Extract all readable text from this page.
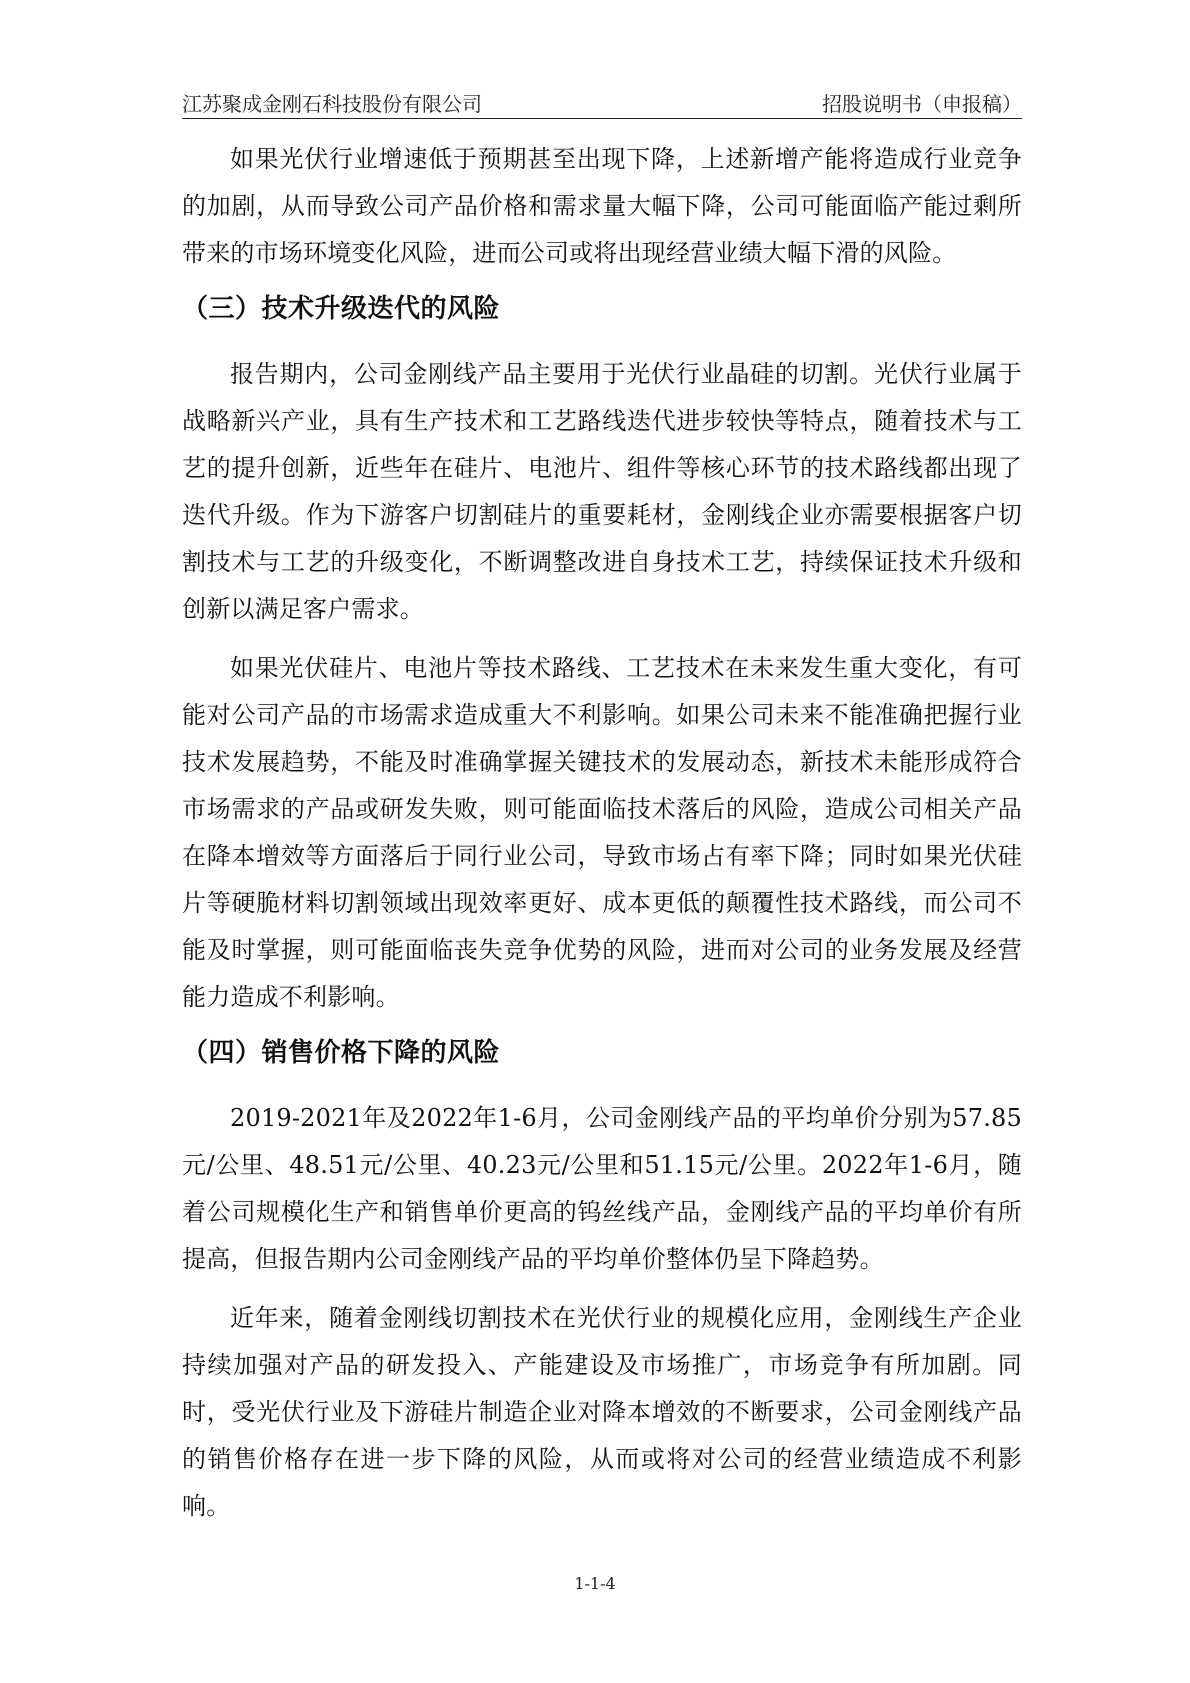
江苏聚成金刚石科技股份有限公司	招股说明书（申报稿）

如果光伏行业增速低于预期甚至出现下降，上述新增产能将造成行业竞争的加剧，从而导致公司产品价格和需求量大幅下降，公司可能面临产能过剩所带来的市场环境变化风险，进而公司或将出现经营业绩大幅下滑的风险。

（三）技术升级迭代的风险

报告期内，公司金刚线产品主要用于光伏行业晶硅的切割。光伏行业属于战略新兴产业，具有生产技术和工艺路线迭代进步较快等特点，随着技术与工艺的提升创新，近些年在硅片、电池片、组件等核心环节的技术路线都出现了迭代升级。作为下游客户切割硅片的重要耗材，金刚线企业亦需要根据客户切割技术与工艺的升级变化，不断调整改进自身技术工艺，持续保证技术升级和创新以满足客户需求。

如果光伏硅片、电池片等技术路线、工艺技术在未来发生重大变化，有可能对公司产品的市场需求造成重大不利影响。如果公司未来不能准确把握行业技术发展趋势，不能及时准确掌握关键技术的发展动态，新技术未能形成符合市场需求的产品或研发失败，则可能面临技术落后的风险，造成公司相关产品在降本增效等方面落后于同行业公司，导致市场占有率下降；同时如果光伏硅片等硬脆材料切割领域出现效率更好、成本更低的颠覆性技术路线，而公司不能及时掌握，则可能面临丧失竞争优势的风险，进而对公司的业务发展及经营能力造成不利影响。

（四）销售价格下降的风险

2019-2021年及2022年1-6月，公司金刚线产品的平均单价分别为57.85元/公里、48.51元/公里、40.23元/公里和51.15元/公里。2022年1-6月，随着公司规模化生产和销售单价更高的钨丝线产品，金刚线产品的平均单价有所提高，但报告期内公司金刚线产品的平均单价整体仍呈下降趋势。

近年来，随着金刚线切割技术在光伏行业的规模化应用，金刚线生产企业持续加强对产品的研发投入、产能建设及市场推广，市场竞争有所加剧。同时，受光伏行业及下游硅片制造企业对降本增效的不断要求，公司金刚线产品的销售价格存在进一步下降的风险，从而或将对公司的经营业绩造成不利影响。

1-1-4
